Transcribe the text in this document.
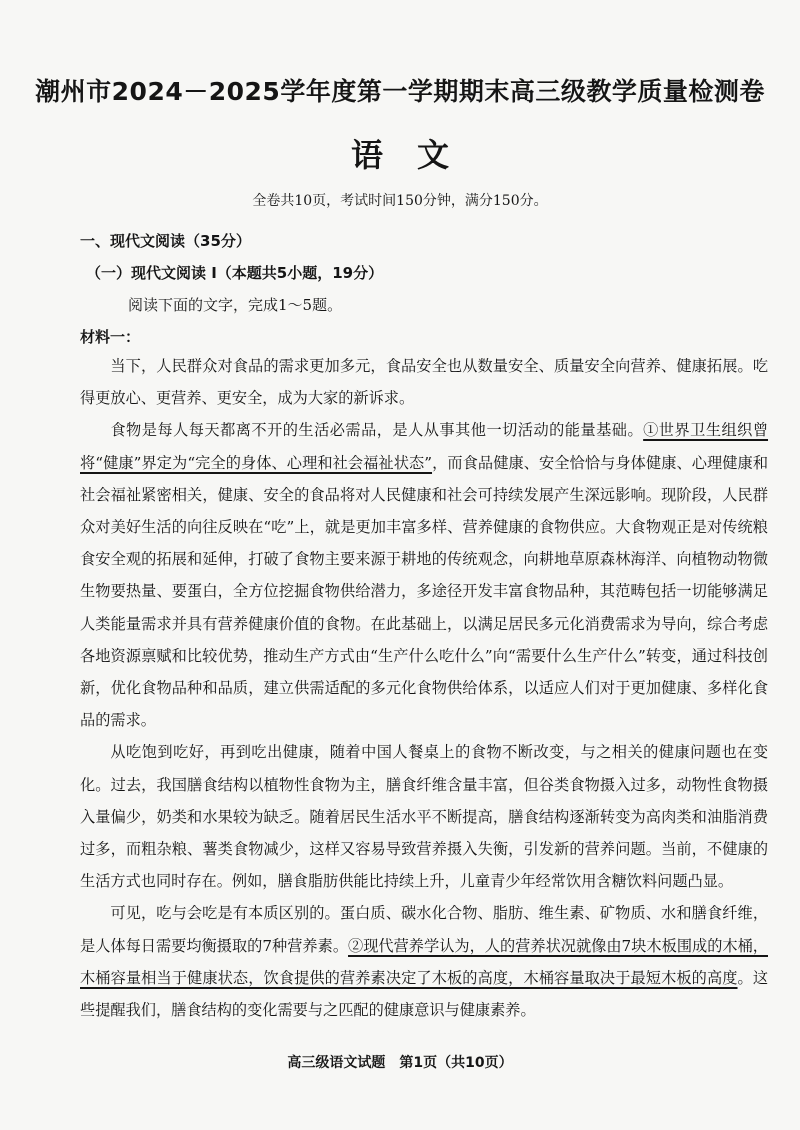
潮州市2024－2025学年度第一学期期末高三级教学质量检测卷
语文
全卷共10页，考试时间150分钟，满分150分。
一、现代文阅读（35分）
（一）现代文阅读 I（本题共5小题，19分）
阅读下面的文字，完成1～5题。
材料一：

当下，人民群众对食品的需求更加多元，食品安全也从数量安全、质量安全向营养、健康拓展。吃得更放心、更营养、更安全，成为大家的新诉求。

食物是每人每天都离不开的生活必需品，是人从事其他一切活动的能量基础。①世界卫生组织曾将“健康”界定为“完全的身体、心理和社会福祉状态”，而食品健康、安全恰恰与身体健康、心理健康和社会福祉紧密相关，健康、安全的食品将对人民健康和社会可持续发展产生深远影响。现阶段，人民群众对美好生活的向往反映在“吃”上，就是更加丰富多样、营养健康的食物供应。大食物观正是对传统粮食安全观的拓展和延伸，打破了食物主要来源于耕地的传统观念，向耕地草原森林海洋、向植物动物微生物要热量、要蛋白，全方位挖掘食物供给潜力，多途径开发丰富食物品种，其范畴包括一切能够满足人类能量需求并具有营养健康价值的食物。在此基础上，以满足居民多元化消费需求为导向，综合考虑各地资源禀赋和比较优势，推动生产方式由“生产什么吃什么”向“需要什么生产什么”转变，通过科技创新，优化食物品种和品质，建立供需适配的多元化食物供给体系，以适应人们对于更加健康、多样化食品的需求。

从吃饱到吃好，再到吃出健康，随着中国人餐桌上的食物不断改变，与之相关的健康问题也在变化。过去，我国膳食结构以植物性食物为主，膳食纤维含量丰富，但谷类食物摄入过多，动物性食物摄入量偏少，奶类和水果较为缺乏。随着居民生活水平不断提高，膳食结构逐渐转变为高肉类和油脂消费过多，而粗杂粮、薯类食物减少，这样又容易导致营养摄入失衡，引发新的营养问题。当前，不健康的生活方式也同时存在。例如，膳食脂肪供能比持续上升，儿童青少年经常饮用含糖饮料问题凸显。

可见，吃与会吃是有本质区别的。蛋白质、碳水化合物、脂肪、维生素、矿物质、水和膳食纤维，是人体每日需要均衡摄取的7种营养素。②现代营养学认为，人的营养状况就像由7块木板围成的木桶，木桶容量相当于健康状态，饮食提供的营养素决定了木板的高度，木桶容量取决于最短木板的高度。这些提醒我们，膳食结构的变化需要与之匹配的健康意识与健康素养。

高三级语文试题　第1页（共10页）
